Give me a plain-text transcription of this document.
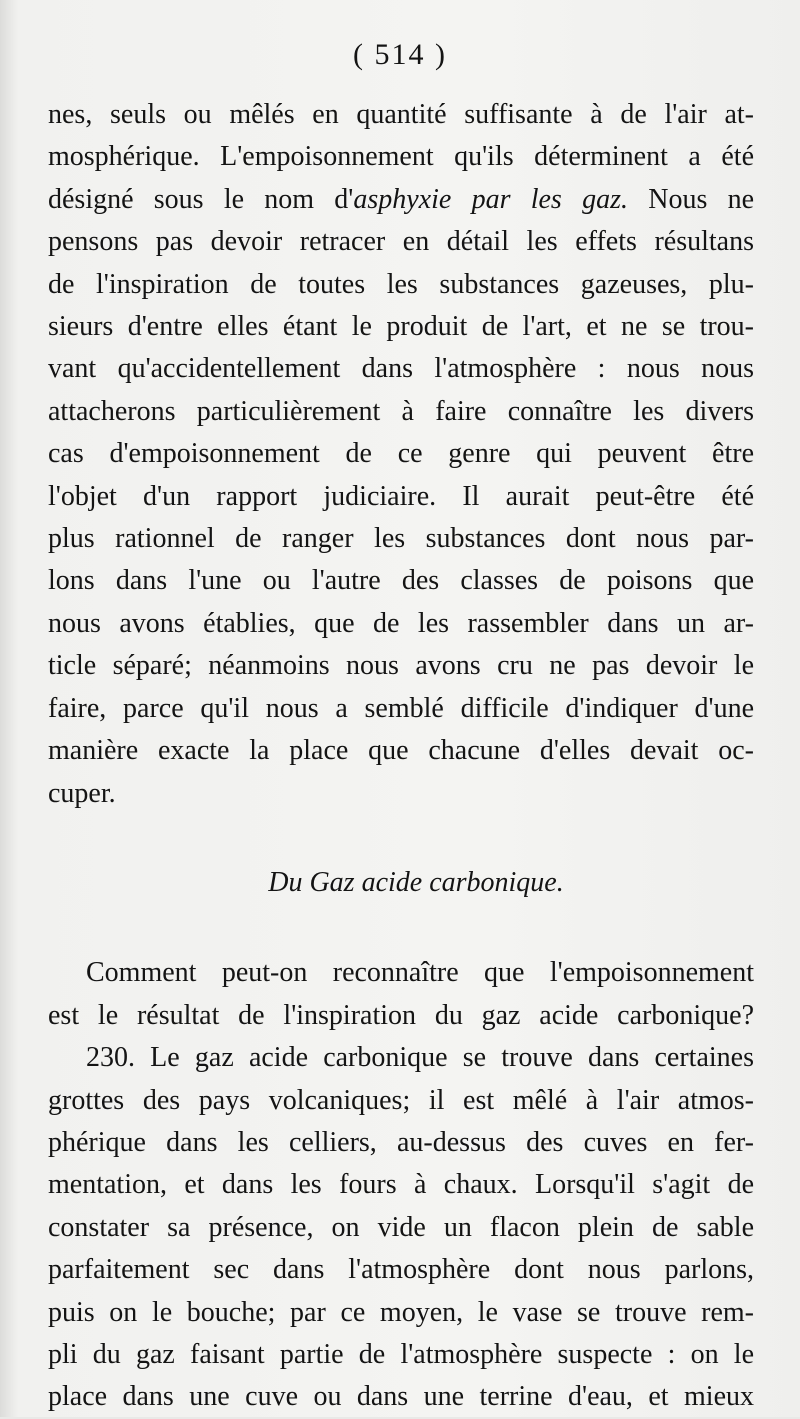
( 514 )
nes, seuls ou mêlés en quantité suffisante à de l'air at-
mosphérique. L'empoisonnement qu'ils déterminent a été
désigné sous le nom d'asphyxie par les gaz. Nous ne
pensons pas devoir retracer en détail les effets résultans
de l'inspiration de toutes les substances gazeuses, plu-
sieurs d'entre elles étant le produit de l'art, et ne se trou-
vant qu'accidentellement dans l'atmosphère : nous nous
attacherons particulièrement à faire connaître les divers
cas d'empoisonnement de ce genre qui peuvent être
l'objet d'un rapport judiciaire. Il aurait peut-être été
plus rationnel de ranger les substances dont nous par-
lons dans l'une ou l'autre des classes de poisons que
nous avons établies, que de les rassembler dans un ar-
ticle séparé; néanmoins nous avons cru ne pas devoir le
faire, parce qu'il nous a semblé difficile d'indiquer d'une
manière exacte la place que chacune d'elles devait oc-
cuper.
Du Gaz acide carbonique.
Comment peut-on reconnaître que l'empoisonnement
est le résultat de l'inspiration du gaz acide carbonique?
230. Le gaz acide carbonique se trouve dans certaines
grottes des pays volcaniques; il est mêlé à l'air atmos-
phérique dans les celliers, au-dessus des cuves en fer-
mentation, et dans les fours à chaux. Lorsqu'il s'agit de
constater sa présence, on vide un flacon plein de sable
parfaitement sec dans l'atmosphère dont nous parlons,
puis on le bouche; par ce moyen, le vase se trouve rem-
pli du gaz faisant partie de l'atmosphère suspecte : on le
place dans une cuve ou dans une terrine d'eau, et mieux
